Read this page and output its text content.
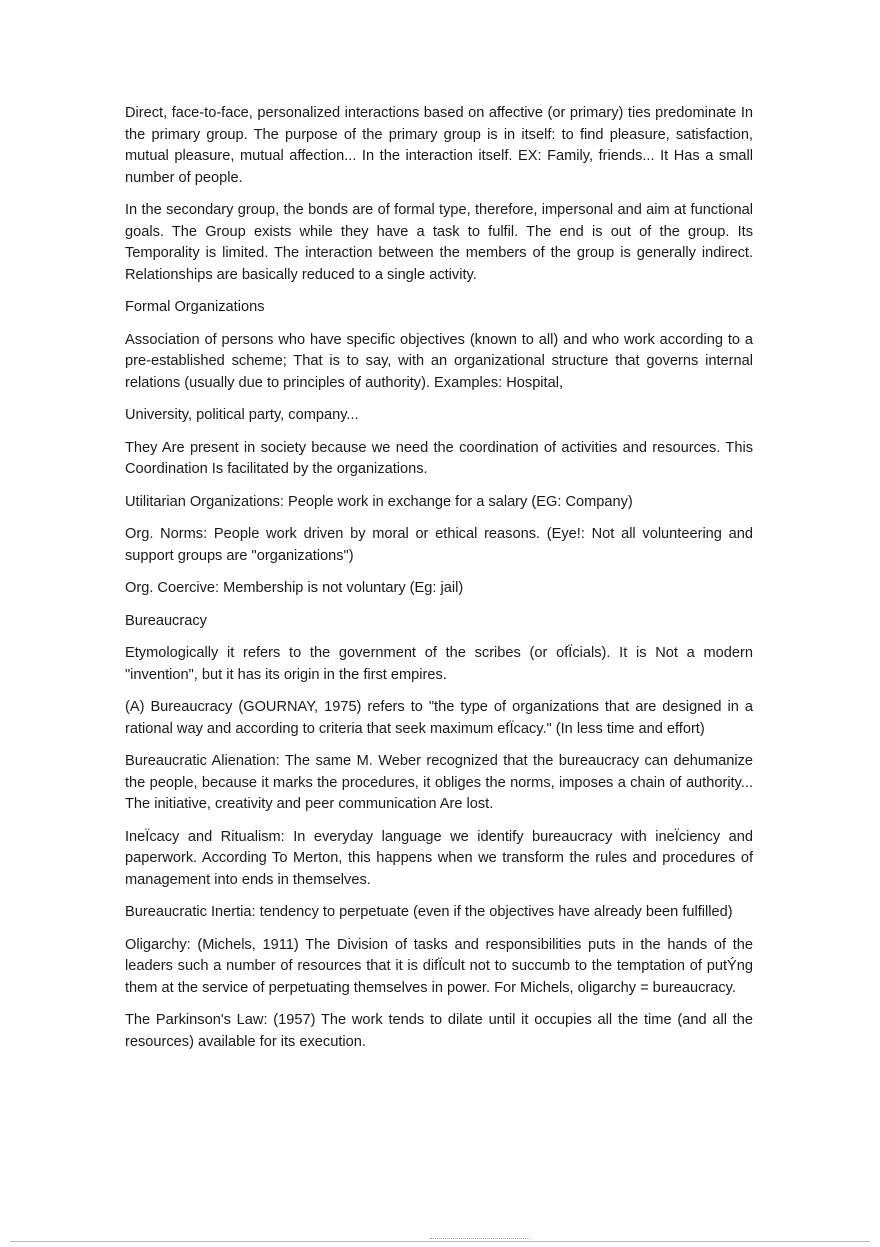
Direct, face-to-face, personalized interactions based on affective (or primary) ties predominate In the primary group. The purpose of the primary group is in itself: to find pleasure, satisfaction, mutual pleasure, mutual affection... In the interaction itself. EX: Family, friends... It Has a small number of people.

In the secondary group, the bonds are of formal type, therefore, impersonal and aim at functional goals. The Group exists while they have a task to fulfil. The end is out of the group. Its Temporality is limited. The interaction between the members of the group is generally indirect. Relationships are basically reduced to a single activity.

Formal Organizations

Association of persons who have specific objectives (known to all) and who work according to a pre-established scheme; That is to say, with an organizational structure that governs internal relations (usually due to principles of authority). Examples: Hospital,

University, political party, company...

They Are present in society because we need the coordination of activities and resources. This Coordination Is facilitated by the organizations.

Utilitarian Organizations: People work in exchange for a salary (EG: Company)

Org. Norms: People work driven by moral or ethical reasons. (Eye!: Not all volunteering and support groups are "organizations")

Org. Coercive: Membership is not voluntary (Eg: jail)

Bureaucracy

Etymologically it refers to the government of the scribes (or ofÏcials). It is Not a modern "invention", but it has its origin in the first empires.

(A) Bureaucracy (GOURNAY, 1975) refers to "the type of organizations that are designed in a rational way and according to criteria that seek maximum efÏcacy." (In less time and effort)

Bureaucratic Alienation: The same M. Weber recognized that the bureaucracy can dehumanize the people, because it marks the procedures, it obliges the norms, imposes a chain of authority... The initiative, creativity and peer communication Are lost.

IneÏcacy and Ritualism: In everyday language we identify bureaucracy with ineÏciency and paperwork. According To Merton, this happens when we transform the rules and procedures of management into ends in themselves.

Bureaucratic Inertia: tendency to perpetuate (even if the objectives have already been fulfilled)

Oligarchy: (Michels, 1911) The Division of tasks and responsibilities puts in the hands of the leaders such a number of resources that it is difÏcult not to succumb to the temptation of putÝng them at the service of perpetuating themselves in power. For Michels, oligarchy = bureaucracy.

The Parkinson's Law: (1957) The work tends to dilate until it occupies all the time (and all the resources) available for its execution.
